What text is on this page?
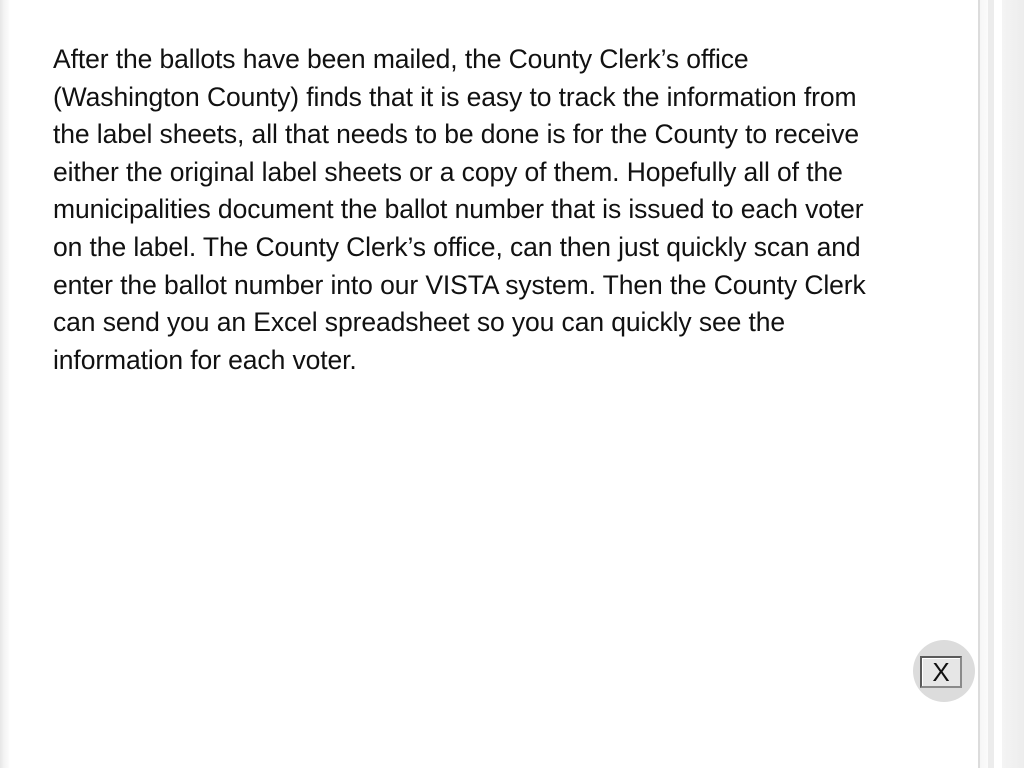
After the ballots have been mailed, the County Clerk’s office (Washington County) finds that it is easy to track the information from the label sheets, all that needs to be done is for the County to receive either the original label sheets or a copy of them. Hopefully all of the municipalities document the ballot number that is issued to each voter on the label. The County Clerk’s office, can then just quickly scan and enter the ballot number into our VISTA system. Then the County Clerk can send you an Excel spreadsheet so you can quickly see the information for each voter.

X
